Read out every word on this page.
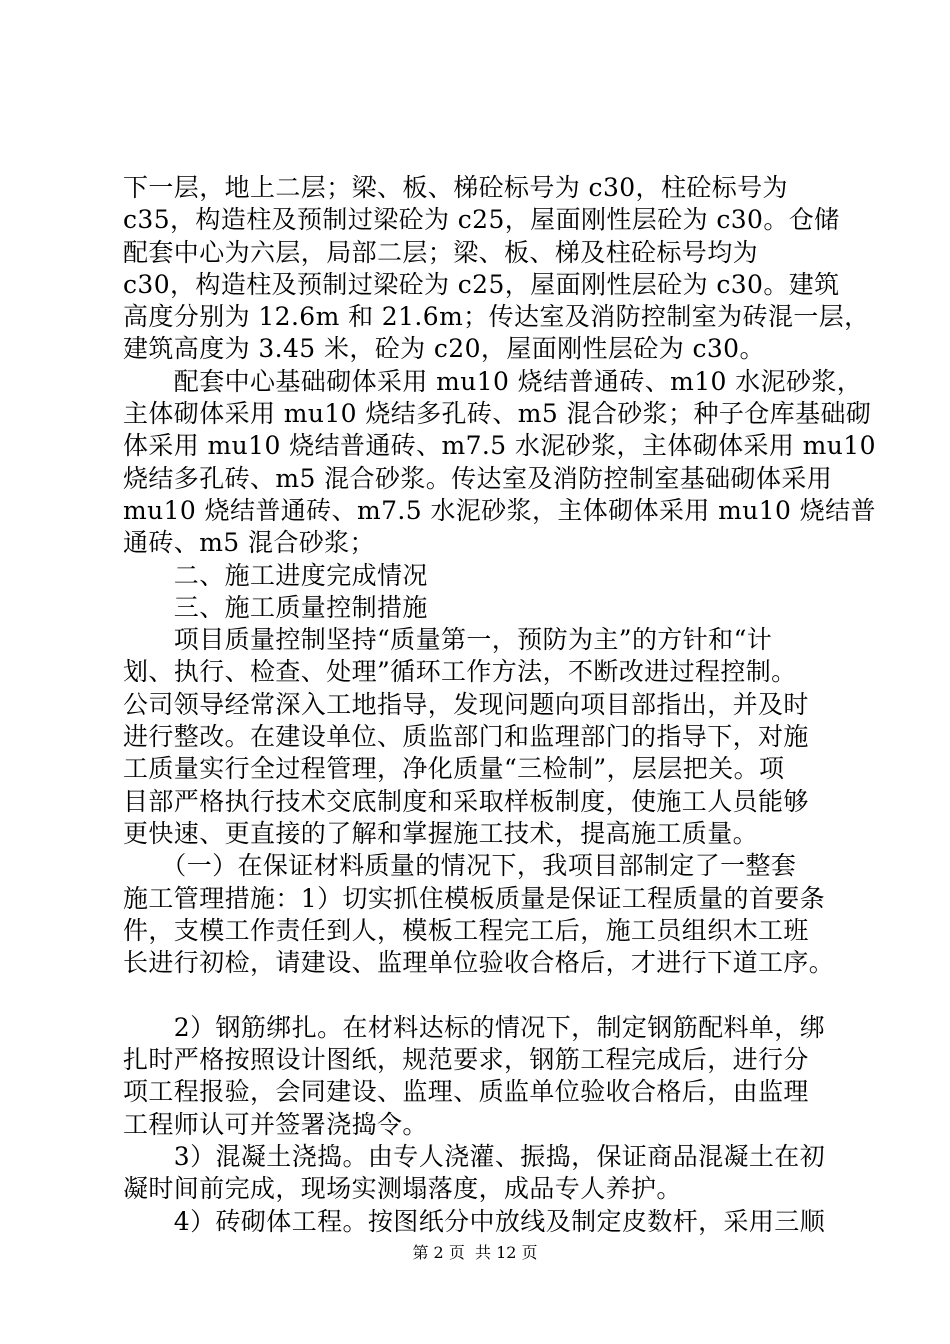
下一层，地上二层；梁、板、梯砼标号为 c30，柱砼标号为
c35，构造柱及预制过梁砼为 c25，屋面刚性层砼为 c30。仓储
配套中心为六层，局部二层；梁、板、梯及柱砼标号均为
c30，构造柱及预制过梁砼为 c25，屋面刚性层砼为 c30。建筑
高度分别为 12.6m 和 21.6m；传达室及消防控制室为砖混一层，
建筑高度为 3.45 米，砼为 c20，屋面刚性层砼为 c30。
　　配套中心基础砌体采用 mu10 烧结普通砖、m10 水泥砂浆，
主体砌体采用 mu10 烧结多孔砖、m5 混合砂浆；种子仓库基础砌
体采用 mu10 烧结普通砖、m7.5 水泥砂浆，主体砌体采用 mu10
烧结多孔砖、m5 混合砂浆。传达室及消防控制室基础砌体采用
mu10 烧结普通砖、m7.5 水泥砂浆，主体砌体采用 mu10 烧结普
通砖、m5 混合砂浆；
　　二、施工进度完成情况
　　三、施工质量控制措施
　　项目质量控制坚持“质量第一，预防为主”的方针和“计
划、执行、检查、处理”循环工作方法，不断改进过程控制。
公司领导经常深入工地指导，发现问题向项目部指出，并及时
进行整改。在建设单位、质监部门和监理部门的指导下，对施
工质量实行全过程管理，净化质量“三检制”，层层把关。项
目部严格执行技术交底制度和采取样板制度，使施工人员能够
更快速、更直接的了解和掌握施工技术，提高施工质量。
　　（一）在保证材料质量的情况下，我项目部制定了一整套
施工管理措施：1）切实抓住模板质量是保证工程质量的首要条
件，支模工作责任到人，模板工程完工后，施工员组织木工班
长进行初检，请建设、监理单位验收合格后，才进行下道工序。
　　2）钢筋绑扎。在材料达标的情况下，制定钢筋配料单，绑
扎时严格按照设计图纸，规范要求，钢筋工程完成后，进行分
项工程报验，会同建设、监理、质监单位验收合格后，由监理
工程师认可并签署浇捣令。
　　3）混凝土浇捣。由专人浇灌、振捣，保证商品混凝土在初
凝时间前完成，现场实测塌落度，成品专人养护。
　　4）砖砌体工程。按图纸分中放线及制定皮数杆，采用三顺
第 2 页  共 12 页
